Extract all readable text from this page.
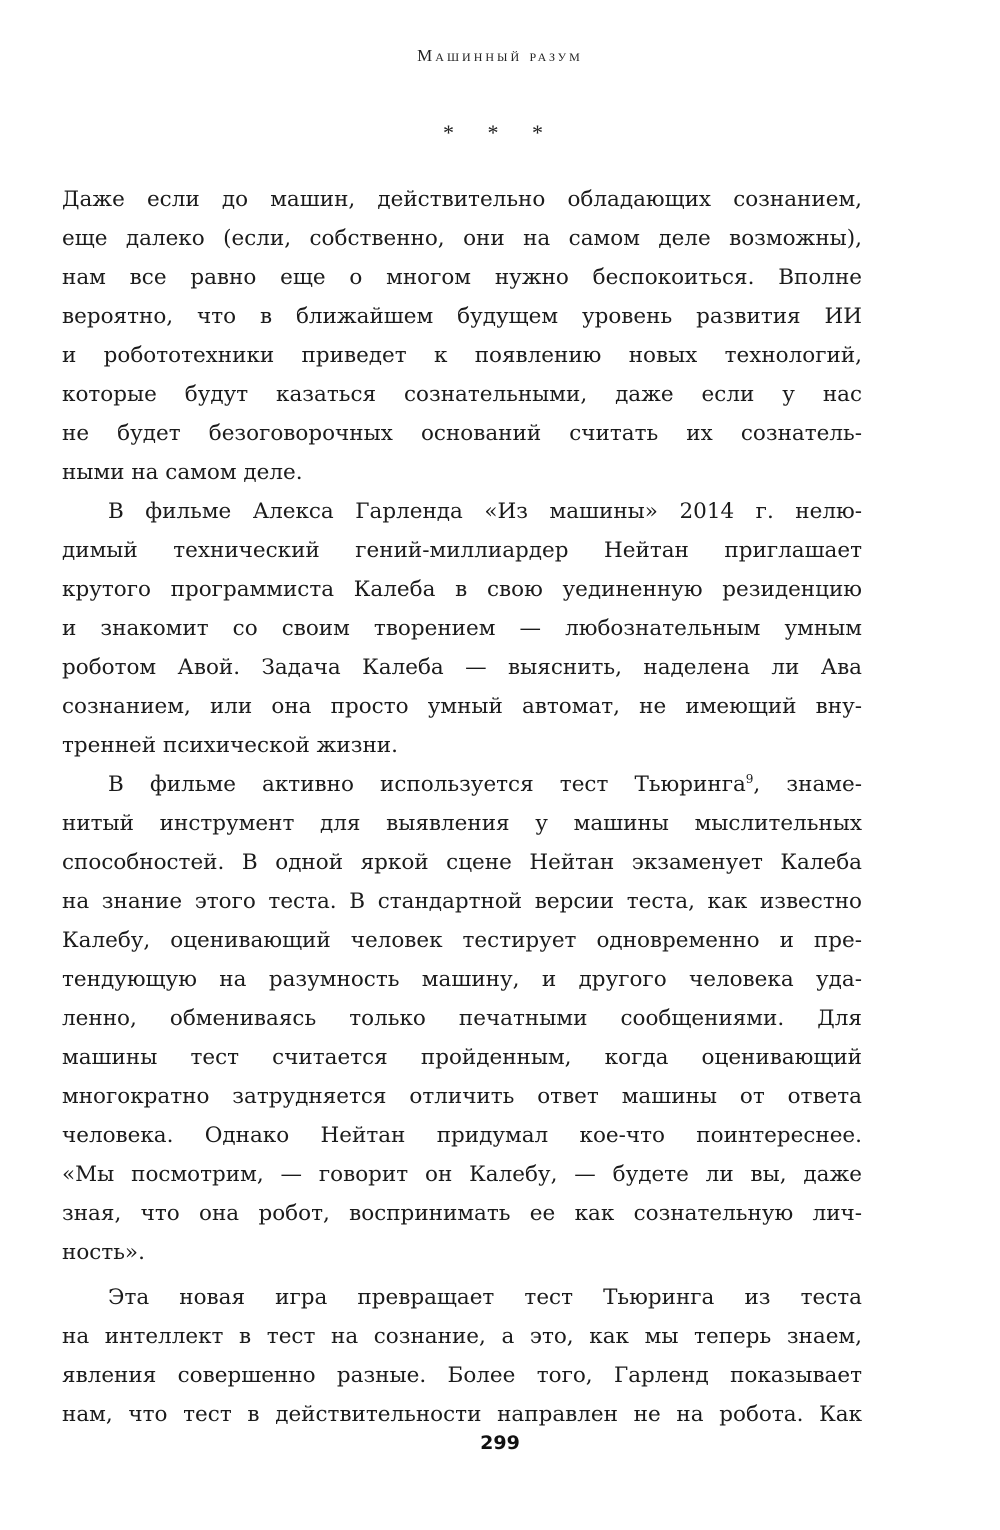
Машинный разум
* * *
Даже если до машин, действительно обладающих сознанием,
еще далеко (если, собственно, они на самом деле возможны),
нам все равно еще о многом нужно беспокоиться. Вполне
вероятно, что в ближайшем будущем уровень развития ИИ
и робототехники приведет к появлению новых технологий,
которые будут казаться сознательными, даже если у нас
не будет безоговорочных оснований считать их сознатель-
ными на самом деле.
В фильме Алекса Гарленда «Из машины» 2014 г. нелю-
димый технический гений-миллиардер Нейтан приглашает
крутого программиста Калеба в свою уединенную резиденцию
и знакомит со своим творением — любознательным умным
роботом Авой. Задача Калеба — выяснить, наделена ли Ава
сознанием, или она просто умный автомат, не имеющий вну-
тренней психической жизни.
В фильме активно используется тест Тьюринга$^9$, знаме-
нитый инструмент для выявления у машины мыслительных
способностей. В одной яркой сцене Нейтан экзаменует Калеба
на знание этого теста. В стандартной версии теста, как известно
Калебу, оценивающий человек тестирует одновременно и пре-
тендующую на разумность машину, и другого человека уда-
ленно, обмениваясь только печатными сообщениями. Для
машины тест считается пройденным, когда оценивающий
многократно затрудняется отличить ответ машины от ответа
человека. Однако Нейтан придумал кое-что поинтереснее.
«Мы посмотрим, — говорит он Калебу, — будете ли вы, даже
зная, что она робот, воспринимать ее как сознательную лич-
ность».
Эта новая игра превращает тест Тьюринга из теста
на интеллект в тест на сознание, а это, как мы теперь знаем,
явления совершенно разные. Более того, Гарленд показывает
нам, что тест в действительности направлен не на робота. Как
299
